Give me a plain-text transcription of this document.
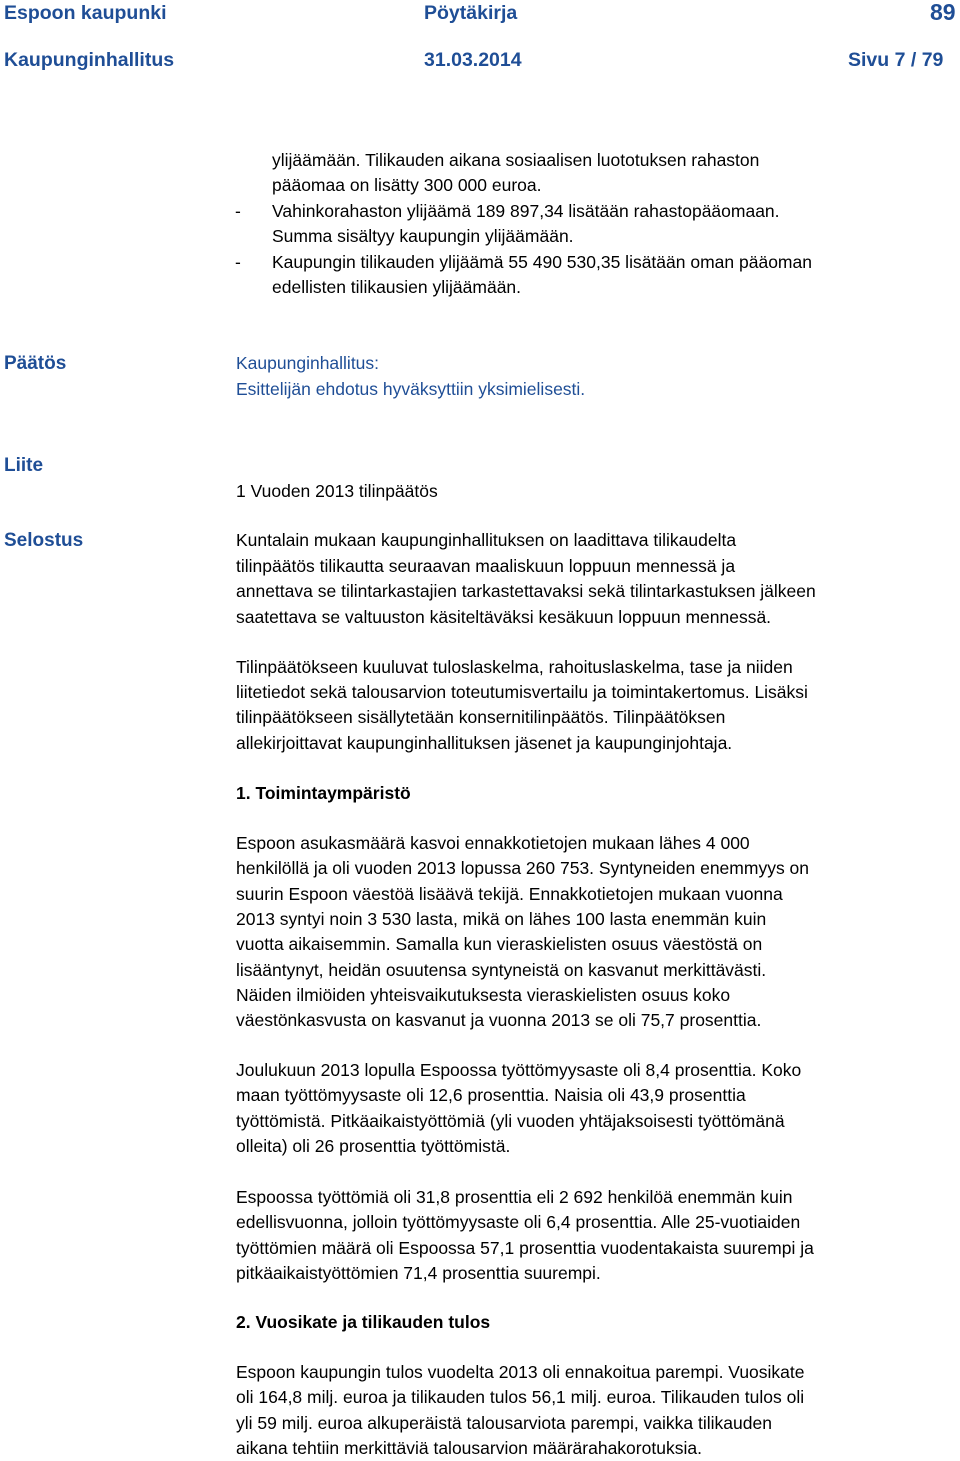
Espoon kaupunki	Pöytäkirja	89
Kaupunginhallitus	31.03.2014	Sivu 7 / 79
ylijäämään. Tilikauden aikana sosiaalisen luototuksen rahaston
pääomaa on lisätty 300 000 euroa.
- Vahinkorahaston ylijäämä 189 897,34 lisätään rahastopääomaan.
Summa sisältyy kaupungin ylijäämään.
- Kaupungin tilikauden ylijäämä 55 490 530,35 lisätään oman pääoman
edellisten tilikausien ylijäämään.
Päätös	Kaupunginhallitus:
Esittelijän ehdotus hyväksyttiin yksimielisesti.
Liite
1 Vuoden 2013 tilinpäätös
Selostus	Kuntalain mukaan kaupunginhallituksen on laadittava tilikaudelta
tilinpäätös tilikautta seuraavan maaliskuun loppuun mennessä ja
annettava se tilintarkastajien tarkastettavaksi sekä tilintarkastuksen jälkeen
saatettava se valtuuston käsiteltäväksi kesäkuun loppuun mennessä.
Tilinpäätökseen kuuluvat tuloslaskelma, rahoituslaskelma, tase ja niiden
liitetiedot sekä talousarvion toteutumisvertailu ja toimintakertomus. Lisäksi
tilinpäätökseen sisällytetään konsernitilinpäätös. Tilinpäätöksen
allekirjoittavat kaupunginhallituksen jäsenet ja kaupunginjohtaja.
1. Toimintaympäristö
Espoon asukasmäärä kasvoi ennakkotietojen mukaan lähes 4 000
henkilöllä ja oli vuoden 2013 lopussa 260 753. Syntyneiden enemmyys on
suurin Espoon väestöä lisäävä tekijä. Ennakkotietojen mukaan vuonna
2013 syntyi noin 3 530 lasta, mikä on lähes 100 lasta enemmän kuin
vuotta aikaisemmin. Samalla kun vieraskielisten osuus väestöstä on
lisääntynyt, heidän osuutensa syntyneistä on kasvanut merkittävästi.
Näiden ilmiöiden yhteisvaikutuksesta vieraskielisten osuus koko
väestönkasvusta on kasvanut ja vuonna 2013 se oli 75,7 prosenttia.
Joulukuun 2013 lopulla Espoossa työttömyysaste oli 8,4 prosenttia. Koko
maan työttömyysaste oli 12,6 prosenttia. Naisia oli 43,9 prosenttia
työttömistä. Pitkäaikaistyöttömiä (yli vuoden yhtäjaksoisesti työttömänä
olleita) oli 26 prosenttia työttömistä.
Espoossa työttömiä oli 31,8 prosenttia eli 2 692 henkilöä enemmän kuin
edellisvuonna, jolloin työttömyysaste oli 6,4 prosenttia. Alle 25-vuotiaiden
työttömien määrä oli Espoossa 57,1 prosenttia vuodentakaista suurempi ja
pitkäaikaistyöttömien 71,4 prosenttia suurempi.
2. Vuosikate ja tilikauden tulos
Espoon kaupungin tulos vuodelta 2013 oli ennakoitua parempi. Vuosikate
oli 164,8 milj. euroa ja tilikauden tulos 56,1 milj. euroa. Tilikauden tulos oli
yli 59 milj. euroa alkuperäistä talousarviota parempi, vaikka tilikauden
aikana tehtiin merkittäviä talousarvion määrärahakorotuksia.
